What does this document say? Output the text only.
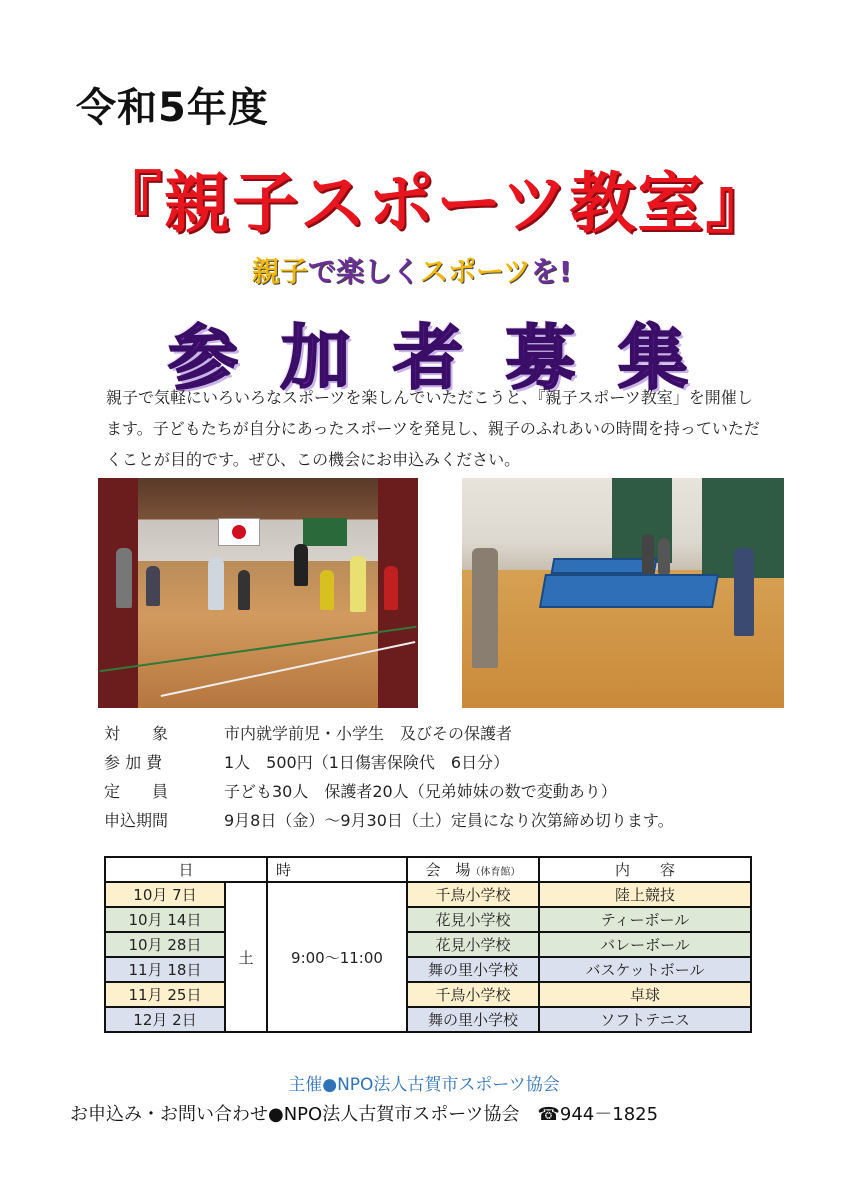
令和5年度
『親子スポーツ教室』
親子で楽しくスポーツを!
参 加 者 募 集
親子で気軽にいろいろなスポーツを楽しんでいただこうと、『親子スポーツ教室」を開催します。子どもたちが自分にあったスポーツを発見し、親子のふれあいの時間を持っていただくことが目的です。ぜひ、この機会にお申込みください。
対　　象	市内就学前児・小学生　及びその保護者
参 加 費	1人　500円（1日傷害保険代　6日分）
定　　員	子ども30人　保護者20人（兄弟姉妹の数で変動あり）
申込期間	9月8日（金）～9月30日（土）定員になり次第締め切ります。
日		時	会　場（体育館）	内　　容
10月 7日	土	9:00～11:00	千鳥小学校	陸上競技
10月 14日			花見小学校	ティーボール
10月 28日			花見小学校	バレーボール
11月 18日			舞の里小学校	バスケットボール
11月 25日			千鳥小学校	卓球
12月 2日			舞の里小学校	ソフトテニス
主催●NPO法人古賀市スポーツ協会
お申込み・お問い合わせ●NPO法人古賀市スポーツ協会　☎944－1825
